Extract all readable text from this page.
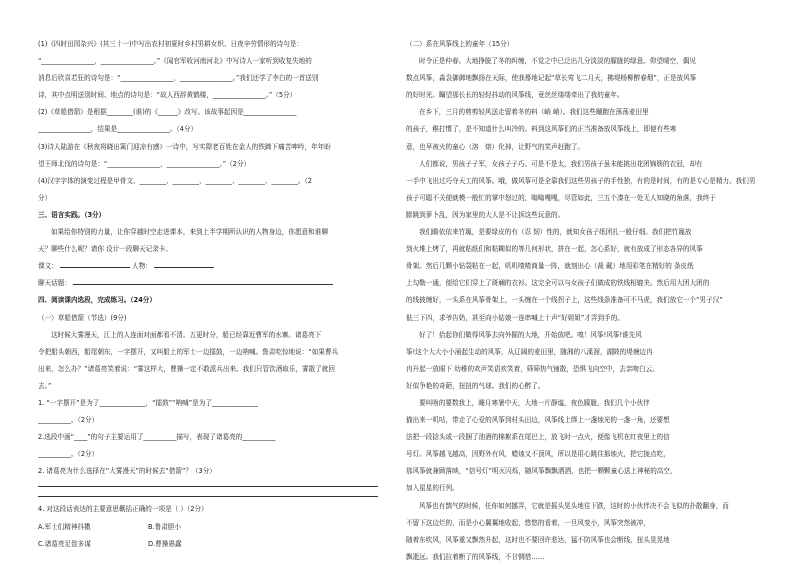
(1)《四时田园杂兴》(其三十一)中写出农村初夏时乡村男耕女织、日夜辛劳情形的诗句是：
“________________，________________。”《闻官军收河南河北》中写诗人一家听到收复失地的
消息后欣喜若狂的诗句是：“________________，________________。”我们还学了李白的一首送别
诗，其中点明送别时间、地点的诗句是：“故人西辞黄鹤楼，________________。”（5分）
(2)《草船借箭》是根据________(谁)的《______》改写。该故事起因是________________
________________，结果是________________。（4分）
(3)诗人陆游在《秋夜将晓出篱门迎凉有感》一诗中，写实際老百姓在金人的铁蹄下痛苦呻吟，年年盼
望王师北伐的诗句是：“________________，________________。”（2分）
(4)汉字字体的演变过程是甲骨文、________、________、________、________、________。（2
分）
三、语言实践。（3分）
如果给你特别的力量，让你穿越时空走进课本，来到上半学期所认识的人物身边，你愿意和谁聊
天？聊些什么呢？请你 设计一段聊天记录卡。
课文：	人物：
聊天话题：
四、阅读课内选段，完成练习。（24分）
（一）草船借箭（节选）(9分)
这时候大雾漫天，江上的人连面对面都看不清。五更时分，船已经靠近曹军的水寨。诸葛亮下
令把船头朝西，船尾朝东，一字摆开，又叫船上的军士一边擂鼓，一边呐喊。鲁肃吃惊地说：“如果曹兵
出来，怎么办？”诸葛亮笑着说：“雾这样大，曹操一定不敢派兵出来。我们只管饮酒取乐，雾散了就回
去。”
1. “一字摆开”是为了______________，“擂鼓”“呐喊”是为了______________
__________。（2分）
2.选段中画“____”的句子主要运用了__________描写，表现了诸葛亮的__________
__________。（2分）
2. 诸葛亮为什么选择在“大雾漫天”的时候去“借箭”？（3分）
4. 对这段话表达的主要意思概括正确的一项是（ ）（2分）
A.军士们精神抖擞	B.鲁肃胆小
C.诸葛亮足智多谋	D.曹操愚蠢
（二）系在风筝线上的童年（15分）
时令正是仲春。大地挣脱了冬的纠缠，不觉之中已泛出几分淡淡的朦胧的绿意。仰望晴空，偶见
数点风筝，淼袅御御地飘扬在天际，使我蓦地记起“草长莺飞二月天，拂堤杨柳醉春烟”，正是放风筝
的好时光。瞩望那长长的轻轻抖动的风筝线，竟丝丝缕缕牵出了我的童年。
在乡下，三月的剪剪轻风送走留着冬的料（峭 峭）。我们这些蹦跑在荡荡麦田里
的孩子，稚打惯了，是不知道什么叫冷的。料到这风筝们的正当准备放风筝线上，即便有些寒
意，也早被火的童心（溶　熔）化掉，让野气的笑声赶跑了。
人们都说，男孩子子军，女孩子子巧。可是不是太，我们男孩子虽未能挑出花团锦簇的衣冠，却有
一手中飞出过巧夺天工的风筝。哦，做风筝可是全靠我们这些男孩子的手性独，有的是时间，有的是专心是精力。我们男
孩子可聪不关便就模一般忙的掌中怒过的，嗡嗡嘎嘎，尽管如此，三五个凑在一处无人知晓的角落，我终于
膨跳到萝卜乱，因为家里的大人是不让拆这些玩意的。
我们瞻依依来竹篾，是要绿皮的有（忍 韧）性的，就知女孩子纸团扎一般仔细。我们把竹篾放
到火堆上烤了，再就粘纸们和粘糊似的等几何形状，拼在一起，怎心系好，就有放成了形态各异的风筝
骨架。然后几颗小钻袋粘在一起，叽叽喳喳商量一阵，就刻出心（裁 戴）地用彩笔在精好的 条皮纸
上勾勒一通，便给它们穿上了斑斓的衣衫。这完全可以与女孩子们做成的铁线相媲美。然后用大团大团的
的线披缠好，一头系在风筝骨架上，一头缠在一个线拐子上，这些线条准备可不马虎，我们放它一个“男子汉”
低三下四，求爷告奶，甚至向小姑娘一连串喊上十声“好姐姐”才弄到手的。
好了！拾起你们做得风筝去向外掘的大地，开始放吧。嗅！风筝!风筝!谁先风
筝!这个大大小小涌起生动的风筝，从辽阔的麦田里，随湘的八溪溜，湖陂的堤塘边冉
冉升起一放眼下 幼稚的欢声笑语欢笑着，筛筛热气铺散，恐惧飞向空中，去亲吻白云。
好似争艳的奇葩，扭扭的气球。我们的心醉了。
要叫啥的要数我上，睡月寒暑中天，大地一片静谧，夜色朦胧，我们几个小伙伴
猫出来一叽咕，带走了心爱的风筝到村头田边，风筝线上绑上一盏烛光的一盏一角，还要想
法把一段捻头或一段捆了油酒的棉絮系在尾巴上，放飞时一点火，便像飞机在红夜里上的信
号灯。风筝越飞越高，因野外有风，蜡烛又不顶风，所以是用心跳住那烛火，把它拢点吃，
那风筝就兼顾落映，“信号灯”明灭闪烁，随风筝飘飘洒洒，也把一颗颗童心送上神秘的高空，
加入星星的行列。
风筝也有鹊气的时候，任你如何挪弄，它就是摇头晃头地往下跌，这时的小伙伴决不会飞似的扑散翻身，而
不留下这边烂的，而是小心翼翼地收起，悠悠的看着，一旦风变小，风筝突然被冲，
随着东吹风，风筝重又飘然升起，这时也不要回许悲达，猛不防风筝也会断线，扭头晃晃地
飘逝远。我们拉着断了的风筝线，不甘惆惜……
